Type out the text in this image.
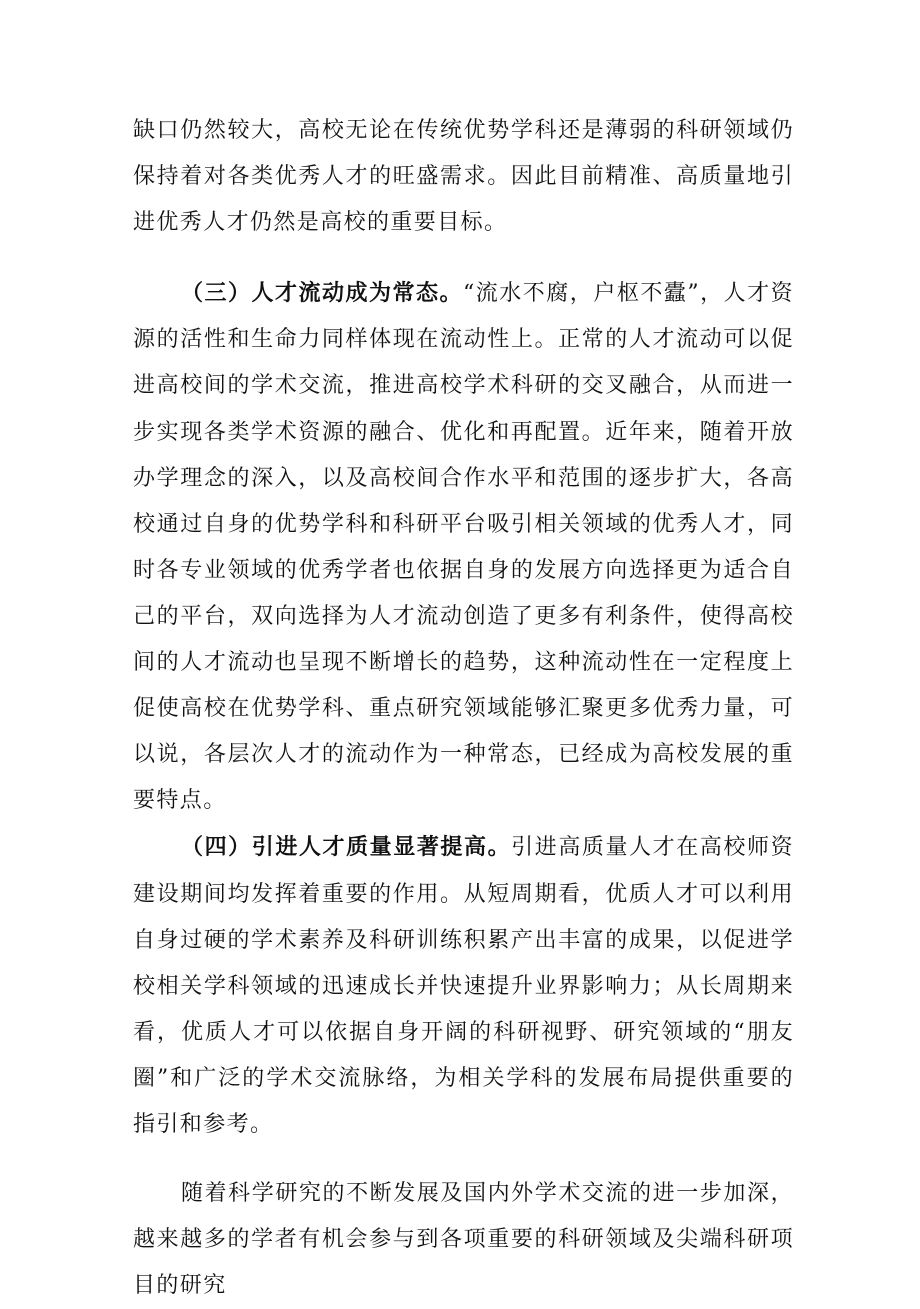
缺口仍然较大，高校无论在传统优势学科还是薄弱的科研领域仍保持着对各类优秀人才的旺盛需求。因此目前精准、高质量地引进优秀人才仍然是高校的重要目标。

（三）人才流动成为常态。“流水不腐，户枢不蠹”，人才资源的活性和生命力同样体现在流动性上。正常的人才流动可以促进高校间的学术交流，推进高校学术科研的交叉融合，从而进一步实现各类学术资源的融合、优化和再配置。近年来，随着开放办学理念的深入，以及高校间合作水平和范围的逐步扩大，各高校通过自身的优势学科和科研平台吸引相关领域的优秀人才，同时各专业领域的优秀学者也依据自身的发展方向选择更为适合自己的平台，双向选择为人才流动创造了更多有利条件，使得高校间的人才流动也呈现不断增长的趋势，这种流动性在一定程度上促使高校在优势学科、重点研究领域能够汇聚更多优秀力量，可以说，各层次人才的流动作为一种常态，已经成为高校发展的重要特点。

（四）引进人才质量显著提高。引进高质量人才在高校师资建设期间均发挥着重要的作用。从短周期看，优质人才可以利用自身过硬的学术素养及科研训练积累产出丰富的成果，以促进学校相关学科领域的迅速成长并快速提升业界影响力；从长周期来看，优质人才可以依据自身开阔的科研视野、研究领域的“朋友圈”和广泛的学术交流脉络，为相关学科的发展布局提供重要的指引和参考。

随着科学研究的不断发展及国内外学术交流的进一步加深，越来越多的学者有机会参与到各项重要的科研领域及尖端科研项目的研究
